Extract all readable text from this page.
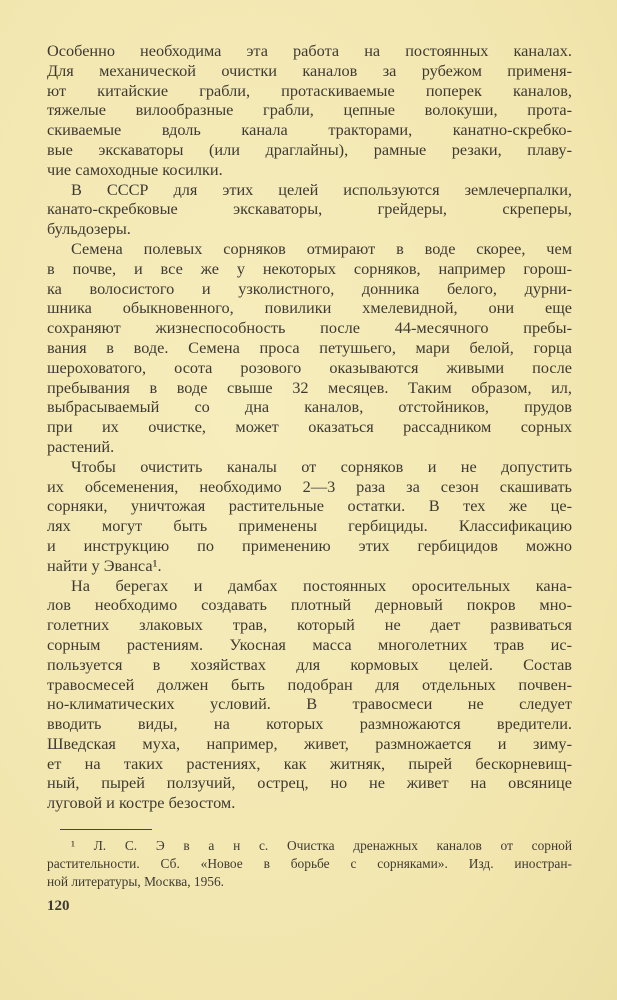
Особенно необходима эта работа на постоянных каналах.
Для механической очистки каналов за рубежом применя-
ют китайские грабли, протаскиваемые поперек каналов,
тяжелые вилообразные грабли, цепные волокуши, прота-
скиваемые вдоль канала тракторами, канатно-скребко-
вые экскаваторы (или драглайны), рамные резаки, плаву-
чие самоходные косилки.
В СССР для этих целей используются землечерпалки,
канато-скребковые экскаваторы, грейдеры, скреперы,
бульдозеры.
Семена полевых сорняков отмирают в воде скорее, чем
в почве, и все же у некоторых сорняков, например горош-
ка волосистого и узколистного, донника белого, дурни-
шника обыкновенного, повилики хмелевидной, они еще
сохраняют жизнеспособность после 44-месячного пребы-
вания в воде. Семена проса петушьего, мари белой, горца
шероховатого, осота розового оказываются живыми после
пребывания в воде свыше 32 месяцев. Таким образом, ил,
выбрасываемый со дна каналов, отстойников, прудов
при их очистке, может оказаться рассадником сорных
растений.
Чтобы очистить каналы от сорняков и не допустить
их обсеменения, необходимо 2—3 раза за сезон скашивать
сорняки, уничтожая растительные остатки. В тех же це-
лях могут быть применены гербициды. Классификацию
и инструкцию по применению этих гербицидов можно
найти у Эванса¹.
На берегах и дамбах постоянных оросительных кана-
лов необходимо создавать плотный дерновый покров мно-
голетних злаковых трав, который не дает развиваться
сорным растениям. Укосная масса многолетних трав ис-
пользуется в хозяйствах для кормовых целей. Состав
травосмесей должен быть подобран для отдельных почвен-
но-климатических условий. В травосмеси не следует
вводить виды, на которых размножаются вредители.
Шведская муха, например, живет, размножается и зиму-
ет на таких растениях, как житняк, пырей бескорневищ-
ный, пырей ползучий, острец, но не живет на овсянице
луговой и костре безостом.
¹ Л. С. Э в а н с. Очистка дренажных каналов от сорной
растительности. Сб. «Новое в борьбе с сорняками». Изд. иностран-
ной литературы, Москва, 1956.
120
